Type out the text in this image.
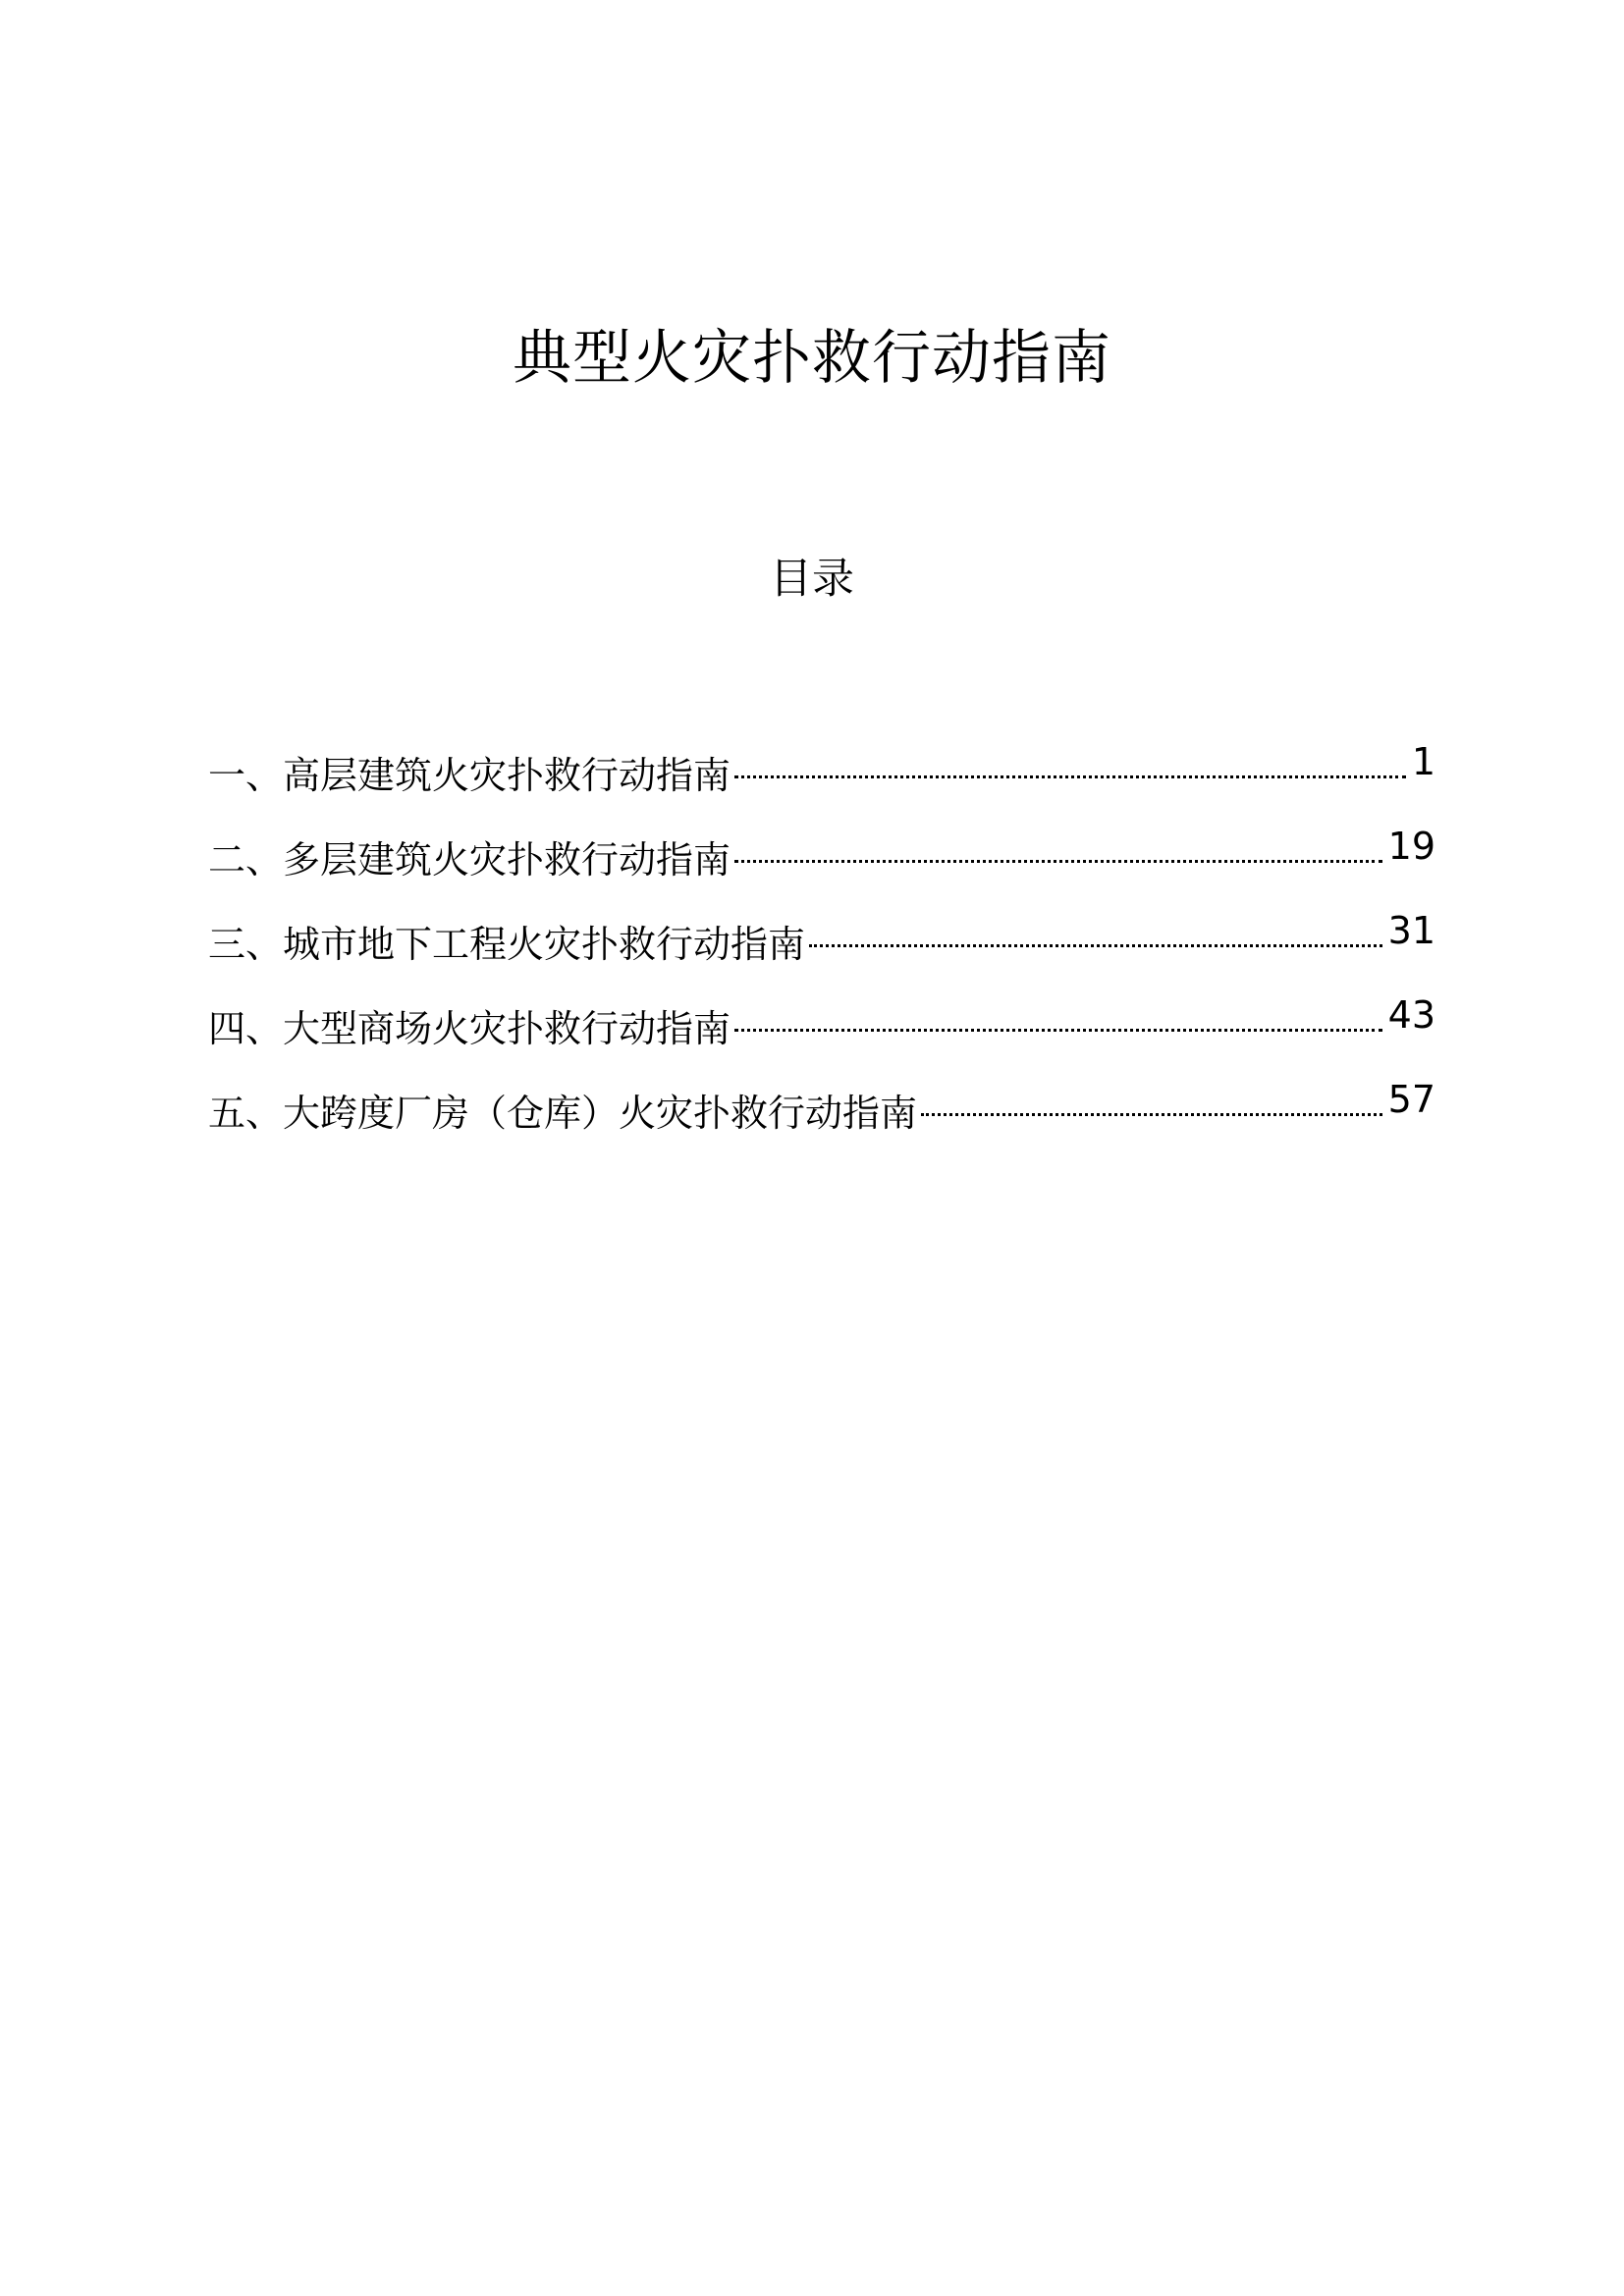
典型火灾扑救行动指南
目录
一、高层建筑火灾扑救行动指南	1
二、多层建筑火灾扑救行动指南	19
三、城市地下工程火灾扑救行动指南	31
四、大型商场火灾扑救行动指南	43
五、大跨度厂房（仓库）火灾扑救行动指南	57
